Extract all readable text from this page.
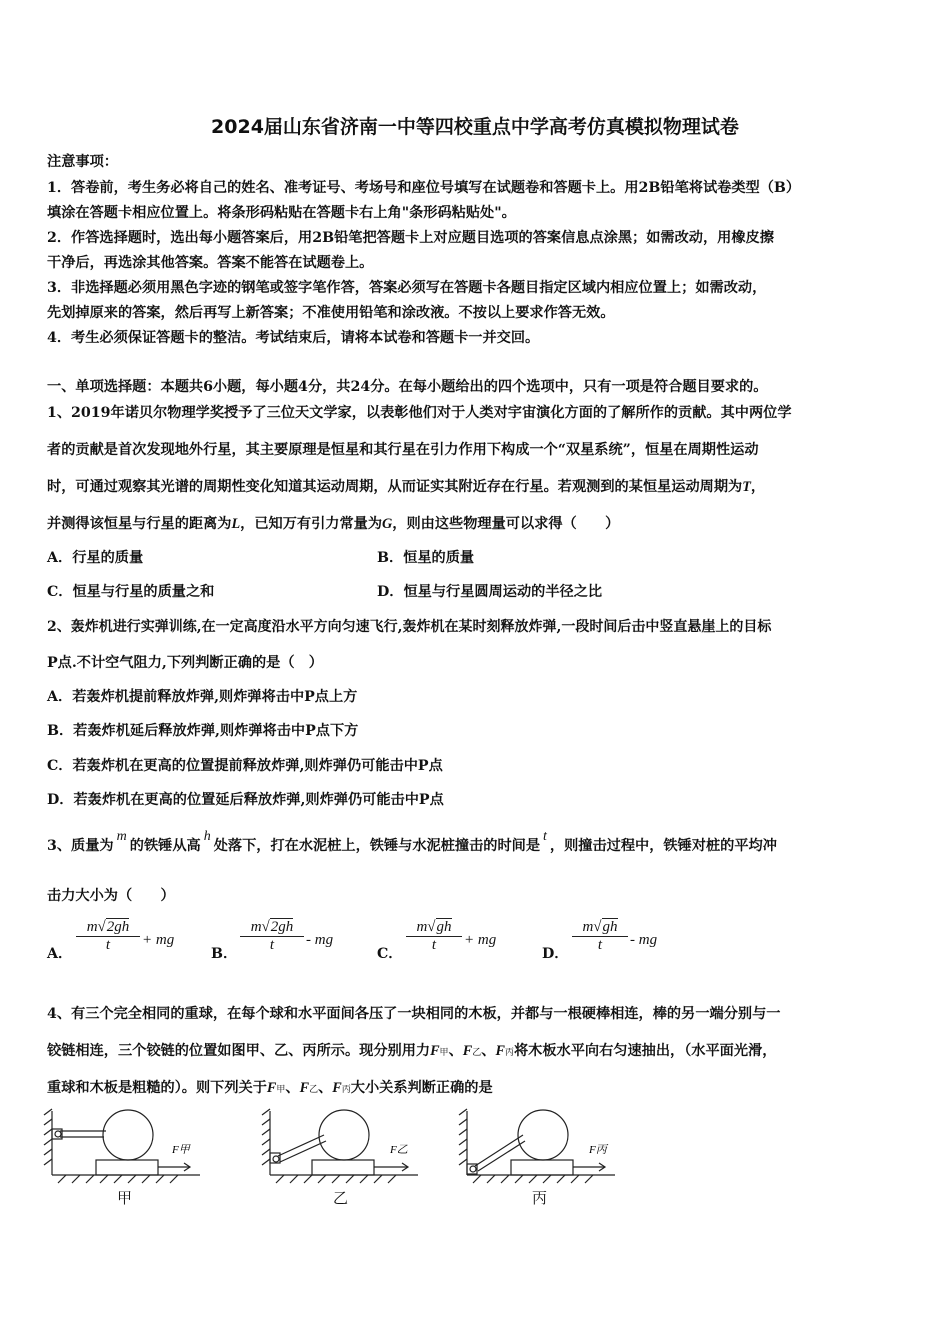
2024届山东省济南一中等四校重点中学高考仿真模拟物理试卷
注意事项：
1．答卷前，考生务必将自己的姓名、准考证号、考场号和座位号填写在试题卷和答题卡上。用2B铅笔将试卷类型（B）
填涂在答题卡相应位置上。将条形码粘贴在答题卡右上角"条形码粘贴处"。
2．作答选择题时，选出每小题答案后，用2B铅笔把答题卡上对应题目选项的答案信息点涂黑；如需改动，用橡皮擦
干净后，再选涂其他答案。答案不能答在试题卷上。
3．非选择题必须用黑色字迹的钢笔或签字笔作答，答案必须写在答题卡各题目指定区域内相应位置上；如需改动，
先划掉原来的答案，然后再写上新答案；不准使用铅笔和涂改液。不按以上要求作答无效。
4．考生必须保证答题卡的整洁。考试结束后，请将本试卷和答题卡一并交回。
一、单项选择题：本题共6小题，每小题4分，共24分。在每小题给出的四个选项中，只有一项是符合题目要求的。
1、2019年诺贝尔物理学奖授予了三位天文学家，以表彰他们对于人类对宇宙演化方面的了解所作的贡献。其中两位学
者的贡献是首次发现地外行星，其主要原理是恒星和其行星在引力作用下构成一个“双星系统”，恒星在周期性运动
时，可通过观察其光谱的周期性变化知道其运动周期，从而证实其附近存在行星。若观测到的某恒星运动周期为T，
并测得该恒星与行星的距离为L，已知万有引力常量为G，则由这些物理量可以求得（　　）
A．行星的质量	B．恒星的质量
C．恒星与行星的质量之和	D．恒星与行星圆周运动的半径之比
2、轰炸机进行实弹训练,在一定高度沿水平方向匀速飞行,轰炸机在某时刻释放炸弹,一段时间后击中竖直悬崖上的目标
P点.不计空气阻力,下列判断正确的是（　）
A．若轰炸机提前释放炸弹,则炸弹将击中P点上方
B．若轰炸机延后释放炸弹,则炸弹将击中P点下方
C．若轰炸机在更高的位置提前释放炸弹,则炸弹仍可能击中P点
D．若轰炸机在更高的位置延后释放炸弹,则炸弹仍可能击中P点
3、质量为m的铁锤从高h处落下，打在水泥桩上，铁锤与水泥桩撞击的时间是t，则撞击过程中，铁锤对桩的平均冲
击力大小为（　　）
A．
m√2gh
t	+ mg
B．
m√2gh
t	- mg
C．
m√gh
t	+ mg
D．
m√gh
t	- mg
4、有三个完全相同的重球，在每个球和水平面间各压了一块相同的木板，并都与一根硬棒相连，棒的另一端分别与一
铰链相连，三个铰链的位置如图甲、乙、丙所示。现分别用力F甲、F乙、F丙将木板水平向右匀速抽出，（水平面光滑，
重球和木板是粗糙的）。则下列关于F甲、F乙、F丙大小关系判断正确的是
F甲
甲
F乙
乙
F丙
丙
